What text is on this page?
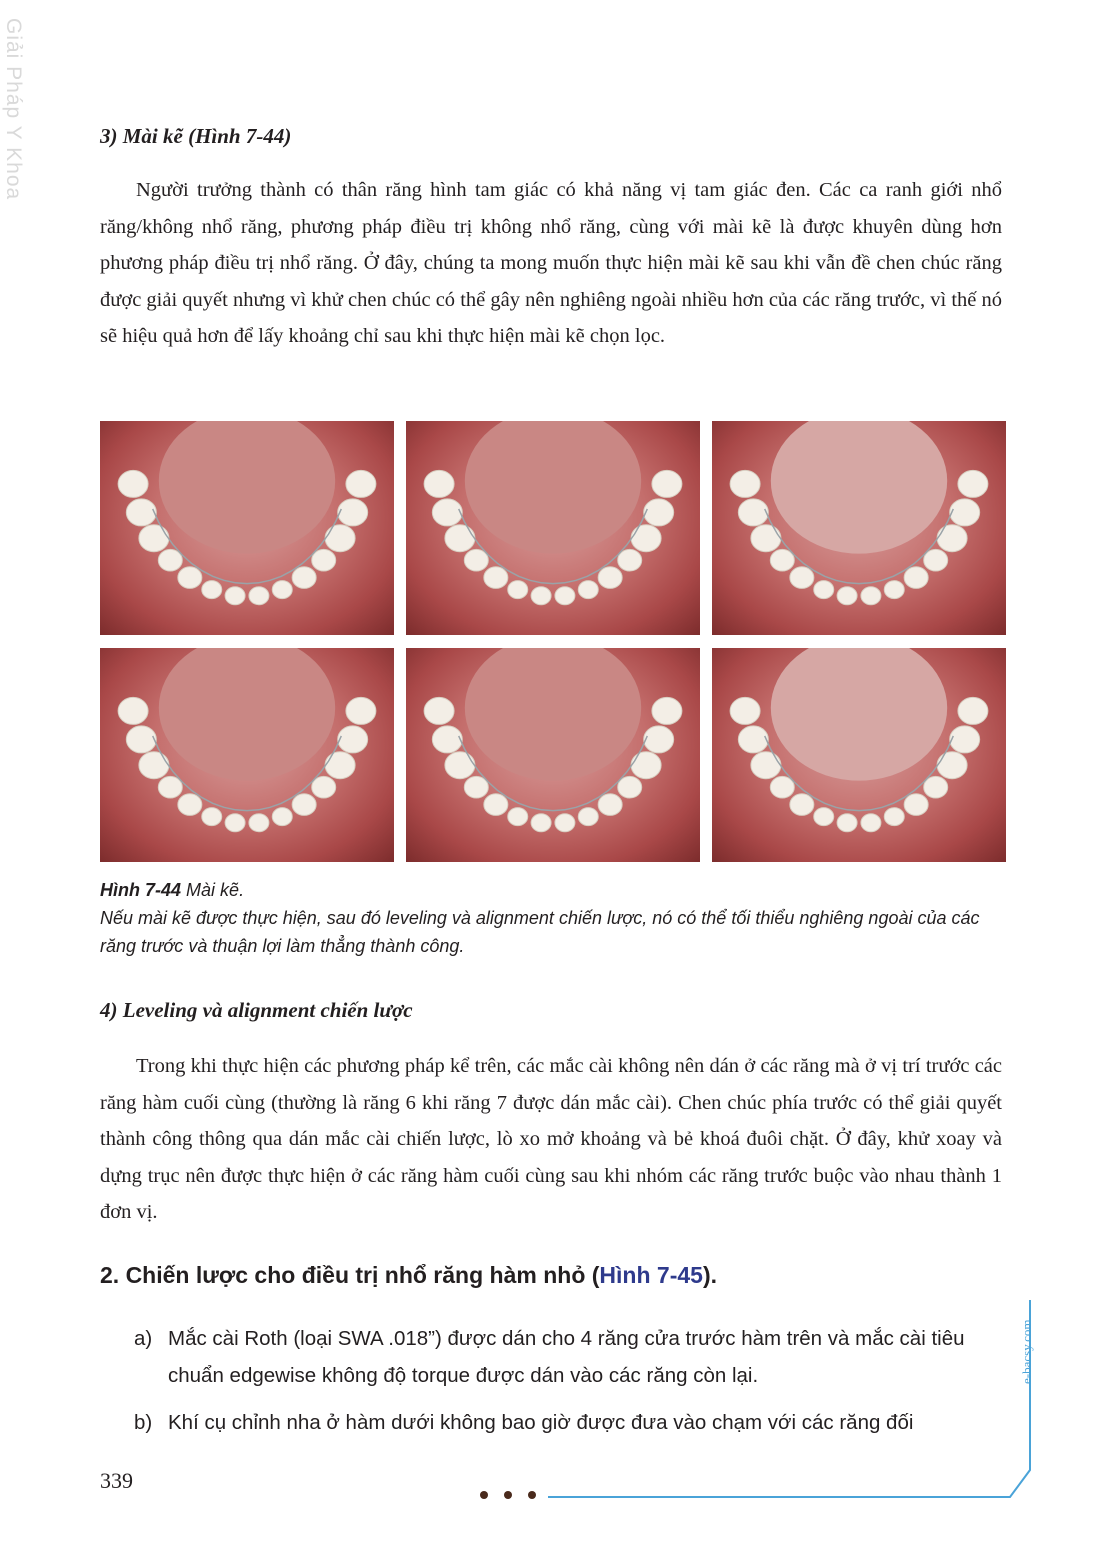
Giải Pháp Y Khoa	3) Mài kẽ (Hình 7-44)

Người trưởng thành có thân răng hình tam giác có khả năng vị tam giác đen. Các ca ranh giới nhổ răng/không nhổ răng, phương pháp điều trị không nhổ răng, cùng với mài kẽ là được khuyên dùng hơn phương pháp điều trị nhổ răng. Ở đây, chúng ta mong muốn thực hiện mài kẽ sau khi vẫn đề chen chúc răng được giải quyết nhưng vì khử chen chúc có thể gây nên nghiêng ngoài nhiều hơn của các răng trước, vì thế nó sẽ hiệu quả hơn để lấy khoảng chỉ sau khi thực hiện mài kẽ chọn lọc.

Hình 7-44 Mài kẽ.
Nếu mài kẽ được thực hiện, sau đó leveling và alignment chiến lược, nó có thể tối thiểu nghiêng ngoài của các răng trước và thuận lợi làm thẳng thành công.
4) Leveling và alignment chiến lược

Trong khi thực hiện các phương pháp kể trên, các mắc cài không nên dán ở các răng mà ở vị trí trước các răng hàm cuối cùng (thường là răng 6 khi răng 7 được dán mắc cài). Chen chúc phía trước có thể giải quyết thành công thông qua dán mắc cài chiến lược, lò xo mở khoảng và bẻ khoá đuôi chặt. Ở đây, khử xoay và dựng trục nên được thực hiện ở các răng hàm cuối cùng sau khi nhóm các răng trước buộc vào nhau thành 1 đơn vị.

2. Chiến lược cho điều trị nhổ răng hàm nhỏ (Hình 7-45).
a) Mắc cài Roth (loại SWA .018”) được dán cho 4 răng cửa trước hàm trên và mắc cài tiêu chuẩn edgewise không độ torque được dán vào các răng còn lại.
b) Khí cụ chỉnh nha ở hàm dưới không bao giờ được đưa vào chạm với các răng đối
339
e-bacsy.com
